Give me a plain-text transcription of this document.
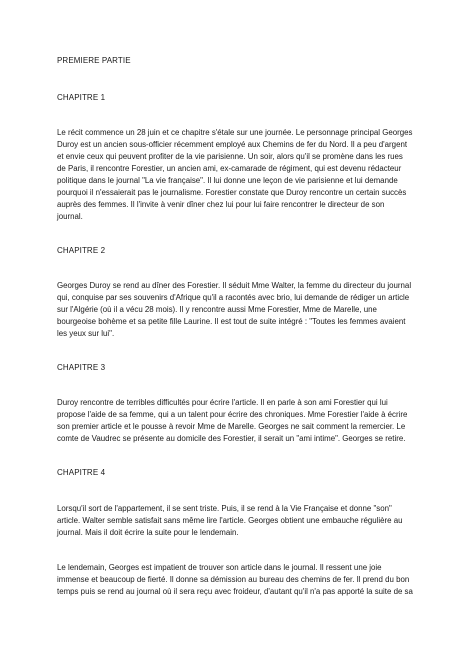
PREMIERE PARTIE
CHAPITRE 1
Le récit commence un 28 juin et ce chapitre s'étale sur une journée. Le personnage principal Georges
Duroy est un ancien sous-officier récemment employé aux Chemins de fer du Nord. Il a peu d'argent
et envie ceux qui peuvent profiter de la vie parisienne. Un soir, alors qu'il se promène dans les rues
de Paris, il rencontre Forestier, un ancien ami, ex-camarade de régiment, qui est devenu rédacteur
politique dans le journal "La vie française". Il lui donne une leçon de vie parisienne et lui demande
pourquoi il n'essaierait pas le journalisme. Forestier constate que Duroy rencontre un certain succès
auprès des femmes. Il l'invite à venir dîner chez lui pour lui faire rencontrer le directeur de son
journal.
CHAPITRE 2
Georges Duroy se rend au dîner des Forestier. Il séduit Mme Walter, la femme du directeur du journal
qui, conquise par ses souvenirs d'Afrique qu'il a racontés avec brio, lui demande de rédiger un article
sur l'Algérie (où il a vécu 28 mois). Il y rencontre aussi Mme Forestier, Mme de Marelle, une
bourgeoise bohème et sa petite fille Laurine. Il est tout de suite intégré : "Toutes les femmes avaient
les yeux sur lui".
CHAPITRE 3
Duroy rencontre de terribles difficultés pour écrire l'article. Il en parle à son ami Forestier qui lui
propose l'aide de sa femme, qui a un talent pour écrire des chroniques. Mme Forestier l'aide à écrire
son premier article et le pousse à revoir Mme de Marelle. Georges ne sait comment la remercier. Le
comte de Vaudrec se présente au domicile des Forestier, il serait un "ami intime". Georges se retire.
CHAPITRE 4
Lorsqu'il sort de l'appartement, il se sent triste. Puis, il se rend à la Vie Française et donne "son"
article. Walter semble satisfait sans même lire l'article. Georges obtient une embauche régulière au
journal. Mais il doit écrire la suite pour le lendemain.
Le lendemain, Georges est impatient de trouver son article dans le journal. Il ressent une joie
immense et beaucoup de fierté. Il donne sa démission au bureau des chemins de fer. Il prend du bon
temps puis se rend au journal où il sera reçu avec froideur, d'autant qu'il n'a pas apporté la suite de sa
